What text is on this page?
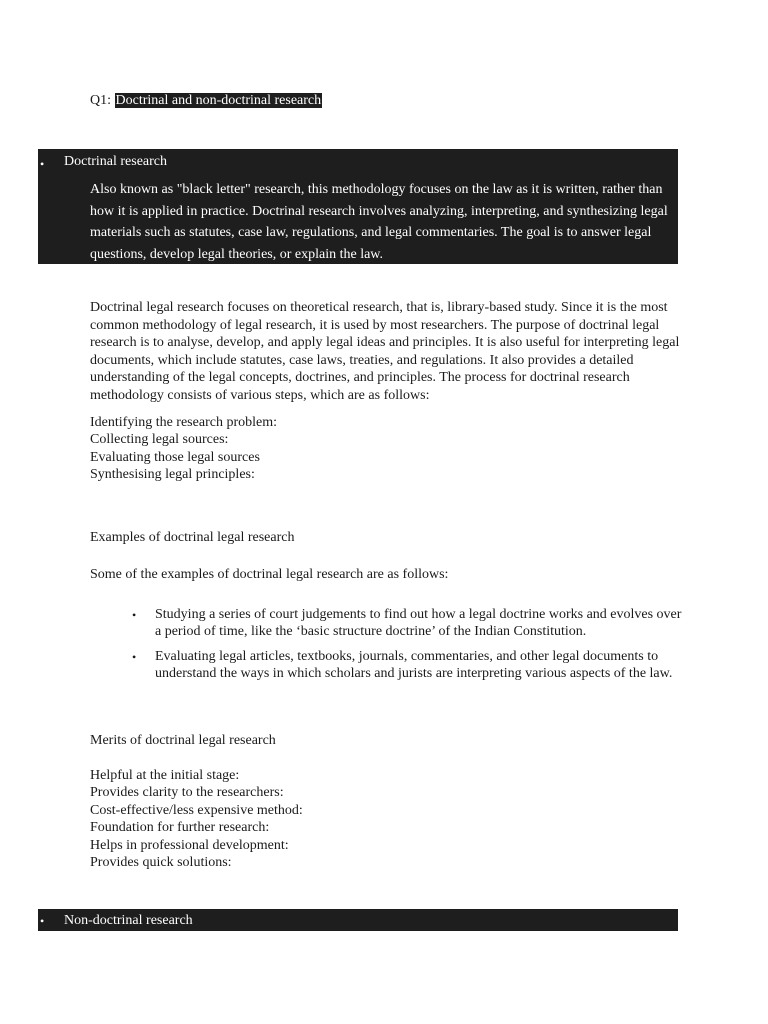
Q1: Doctrinal and non-doctrinal research
• Doctrinal research
Also known as "black letter" research, this methodology focuses on the law as it is written, rather than how it is applied in practice. Doctrinal research involves analyzing, interpreting, and synthesizing legal materials such as statutes, case law, regulations, and legal commentaries. The goal is to answer legal questions, develop legal theories, or explain the law.
Doctrinal legal research focuses on theoretical research, that is, library-based study. Since it is the most common methodology of legal research, it is used by most researchers. The purpose of doctrinal legal research is to analyse, develop, and apply legal ideas and principles. It is also useful for interpreting legal documents, which include statutes, case laws, treaties, and regulations. It also provides a detailed understanding of the legal concepts, doctrines, and principles. The process for doctrinal research methodology consists of various steps, which are as follows:
Identifying the research problem:
Collecting legal sources:
Evaluating those legal sources
Synthesising legal principles:
Examples of doctrinal legal research
Some of the examples of doctrinal legal research are as follows:
• Studying a series of court judgements to find out how a legal doctrine works and evolves over a period of time, like the ‘basic structure doctrine’ of the Indian Constitution.
• Evaluating legal articles, textbooks, journals, commentaries, and other legal documents to understand the ways in which scholars and jurists are interpreting various aspects of the law.
Merits of doctrinal legal research
Helpful at the initial stage:
Provides clarity to the researchers:
Cost-effective/less expensive method:
Foundation for further research:
Helps in professional development:
Provides quick solutions:
• Non-doctrinal research
